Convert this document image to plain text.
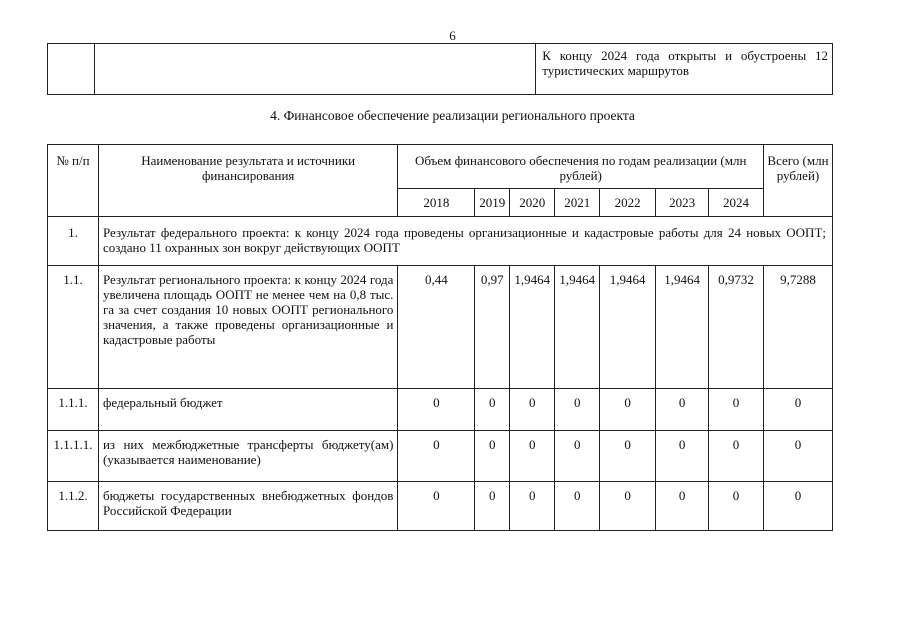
6
		К концу 2024 года открыты и обустроены 12 туристических маршрутов
4. Финансовое обеспечение реализации регионального проекта
№ п/п	Наименование результата и источники финансирования	Объем финансового обеспечения по годам реализации (млн рублей)							Всего (млн рублей)
		2018	2019	2020	2021	2022	2023	2024	
1.	Результат федерального проекта: к концу 2024 года проведены организационные и кадастровые работы для 24 новых ООПТ; создано 11 охранных зон вокруг действующих ООПТ								
1.1.	Результат регионального проекта: к концу 2024 года увеличена площадь ООПТ не менее чем на 0,8 тыс. га за счет создания 10 новых ООПТ регионального значения, а также проведены организационные и кадастровые работы	0,44	0,97	1,9464	1,9464	1,9464	1,9464	0,9732	9,7288
1.1.1.	федеральный бюджет	0	0	0	0	0	0	0	0
1.1.1.1.	из них межбюджетные трансферты бюджету(ам) (указывается наименование)	0	0	0	0	0	0	0	0
1.1.2.	бюджеты государственных внебюджетных фондов Российской Федерации	0	0	0	0	0	0	0	0
